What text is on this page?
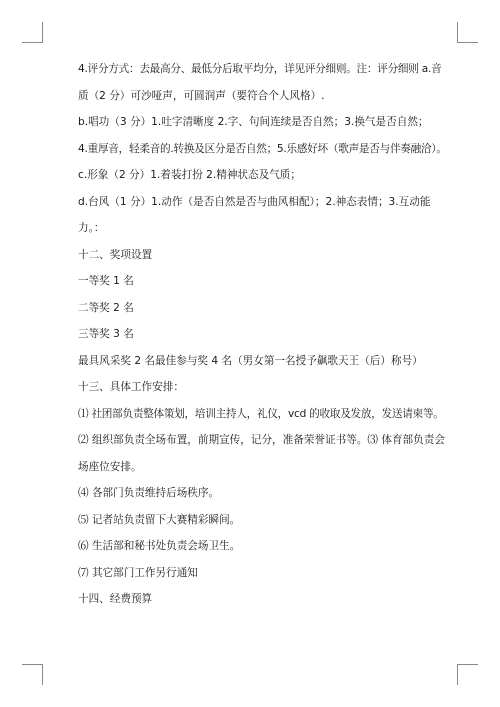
4.评分方式：去最高分、最低分后取平均分，详见评分细则。注：评分细则 a.音

质（2 分）可沙哑声，可圆润声（要符合个人风格）.

b.唱功（3 分）1.吐字清晰度 2.字、句间连续是否自然；3.换气是否自然；

4.重厚音，轻柔音的.转换及区分是否自然；5.乐感好坏（歌声是否与伴奏融洽）。

c.形象（2 分）1.着装打扮 2.精神状态及气质；

d.台风（1 分）1.动作（是否自然是否与曲风相配）；2.神态表情；3.互动能

力。：

十二、奖项设置

一等奖 1 名

二等奖 2 名

三等奖 3 名

最具风采奖 2 名最佳参与奖 4 名（男女第一名授予飙歌天王（后）称号）

十三、具体工作安排：

⑴ 社团部负责整体策划，培训主持人，礼仪，vcd 的收取及发放，发送请柬等。

⑵ 组织部负责全场布置，前期宣传，记分，准备荣誉证书等。⑶ 体育部负责会

场座位安排。

⑷ 各部门负责维持后场秩序。

⑸ 记者站负责留下大赛精彩瞬间。

⑹ 生活部和秘书处负责会场卫生。

⑺ 其它部门工作另行通知

十四、经费预算
